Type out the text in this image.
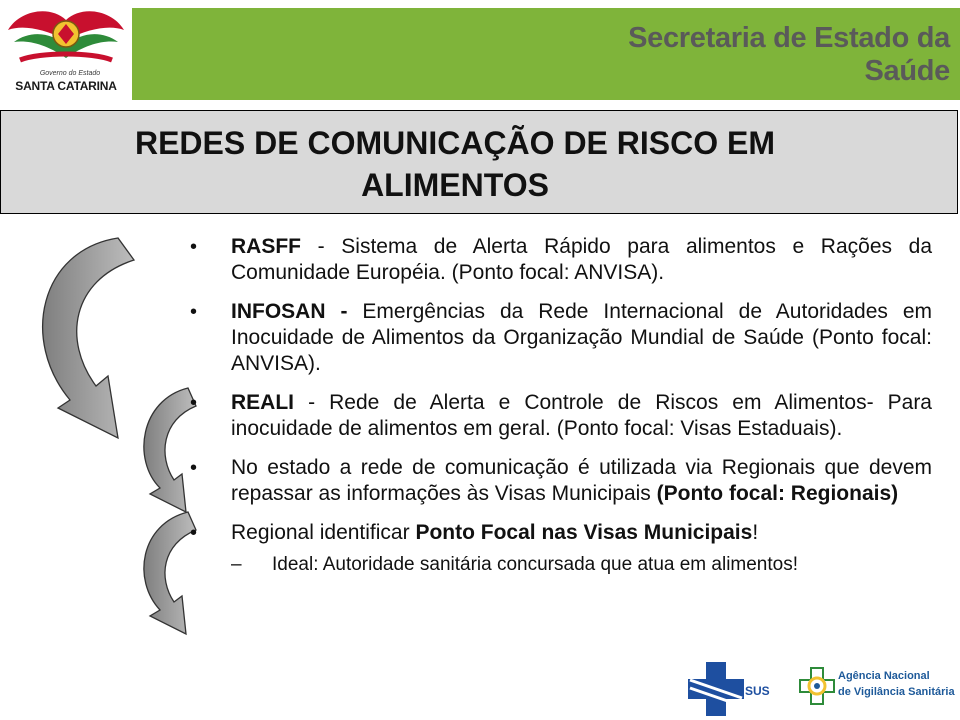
Secretaria de Estado da Saúde
Governo do Estado
SANTA CATARINA
REDES DE COMUNICAÇÃO DE RISCO EM
ALIMENTOS
• RASFF - Sistema de Alerta Rápido para alimentos e Rações da Comunidade Européia. (Ponto focal: ANVISA).
• INFOSAN - Emergências da Rede Internacional de Autoridades em Inocuidade de Alimentos da Organização Mundial de Saúde (Ponto focal: ANVISA).
• REALI - Rede de Alerta e Controle de Riscos em Alimentos- Para inocuidade de alimentos em geral. (Ponto focal: Visas Estaduais).
• No estado a rede de comunicação é utilizada via Regionais que devem repassar as informações às Visas Municipais (Ponto focal: Regionais)
• Regional identificar Ponto Focal nas Visas Municipais!
– Ideal: Autoridade sanitária concursada que atua em alimentos!
SUS
Agência Nacional
de Vigilância Sanitária
